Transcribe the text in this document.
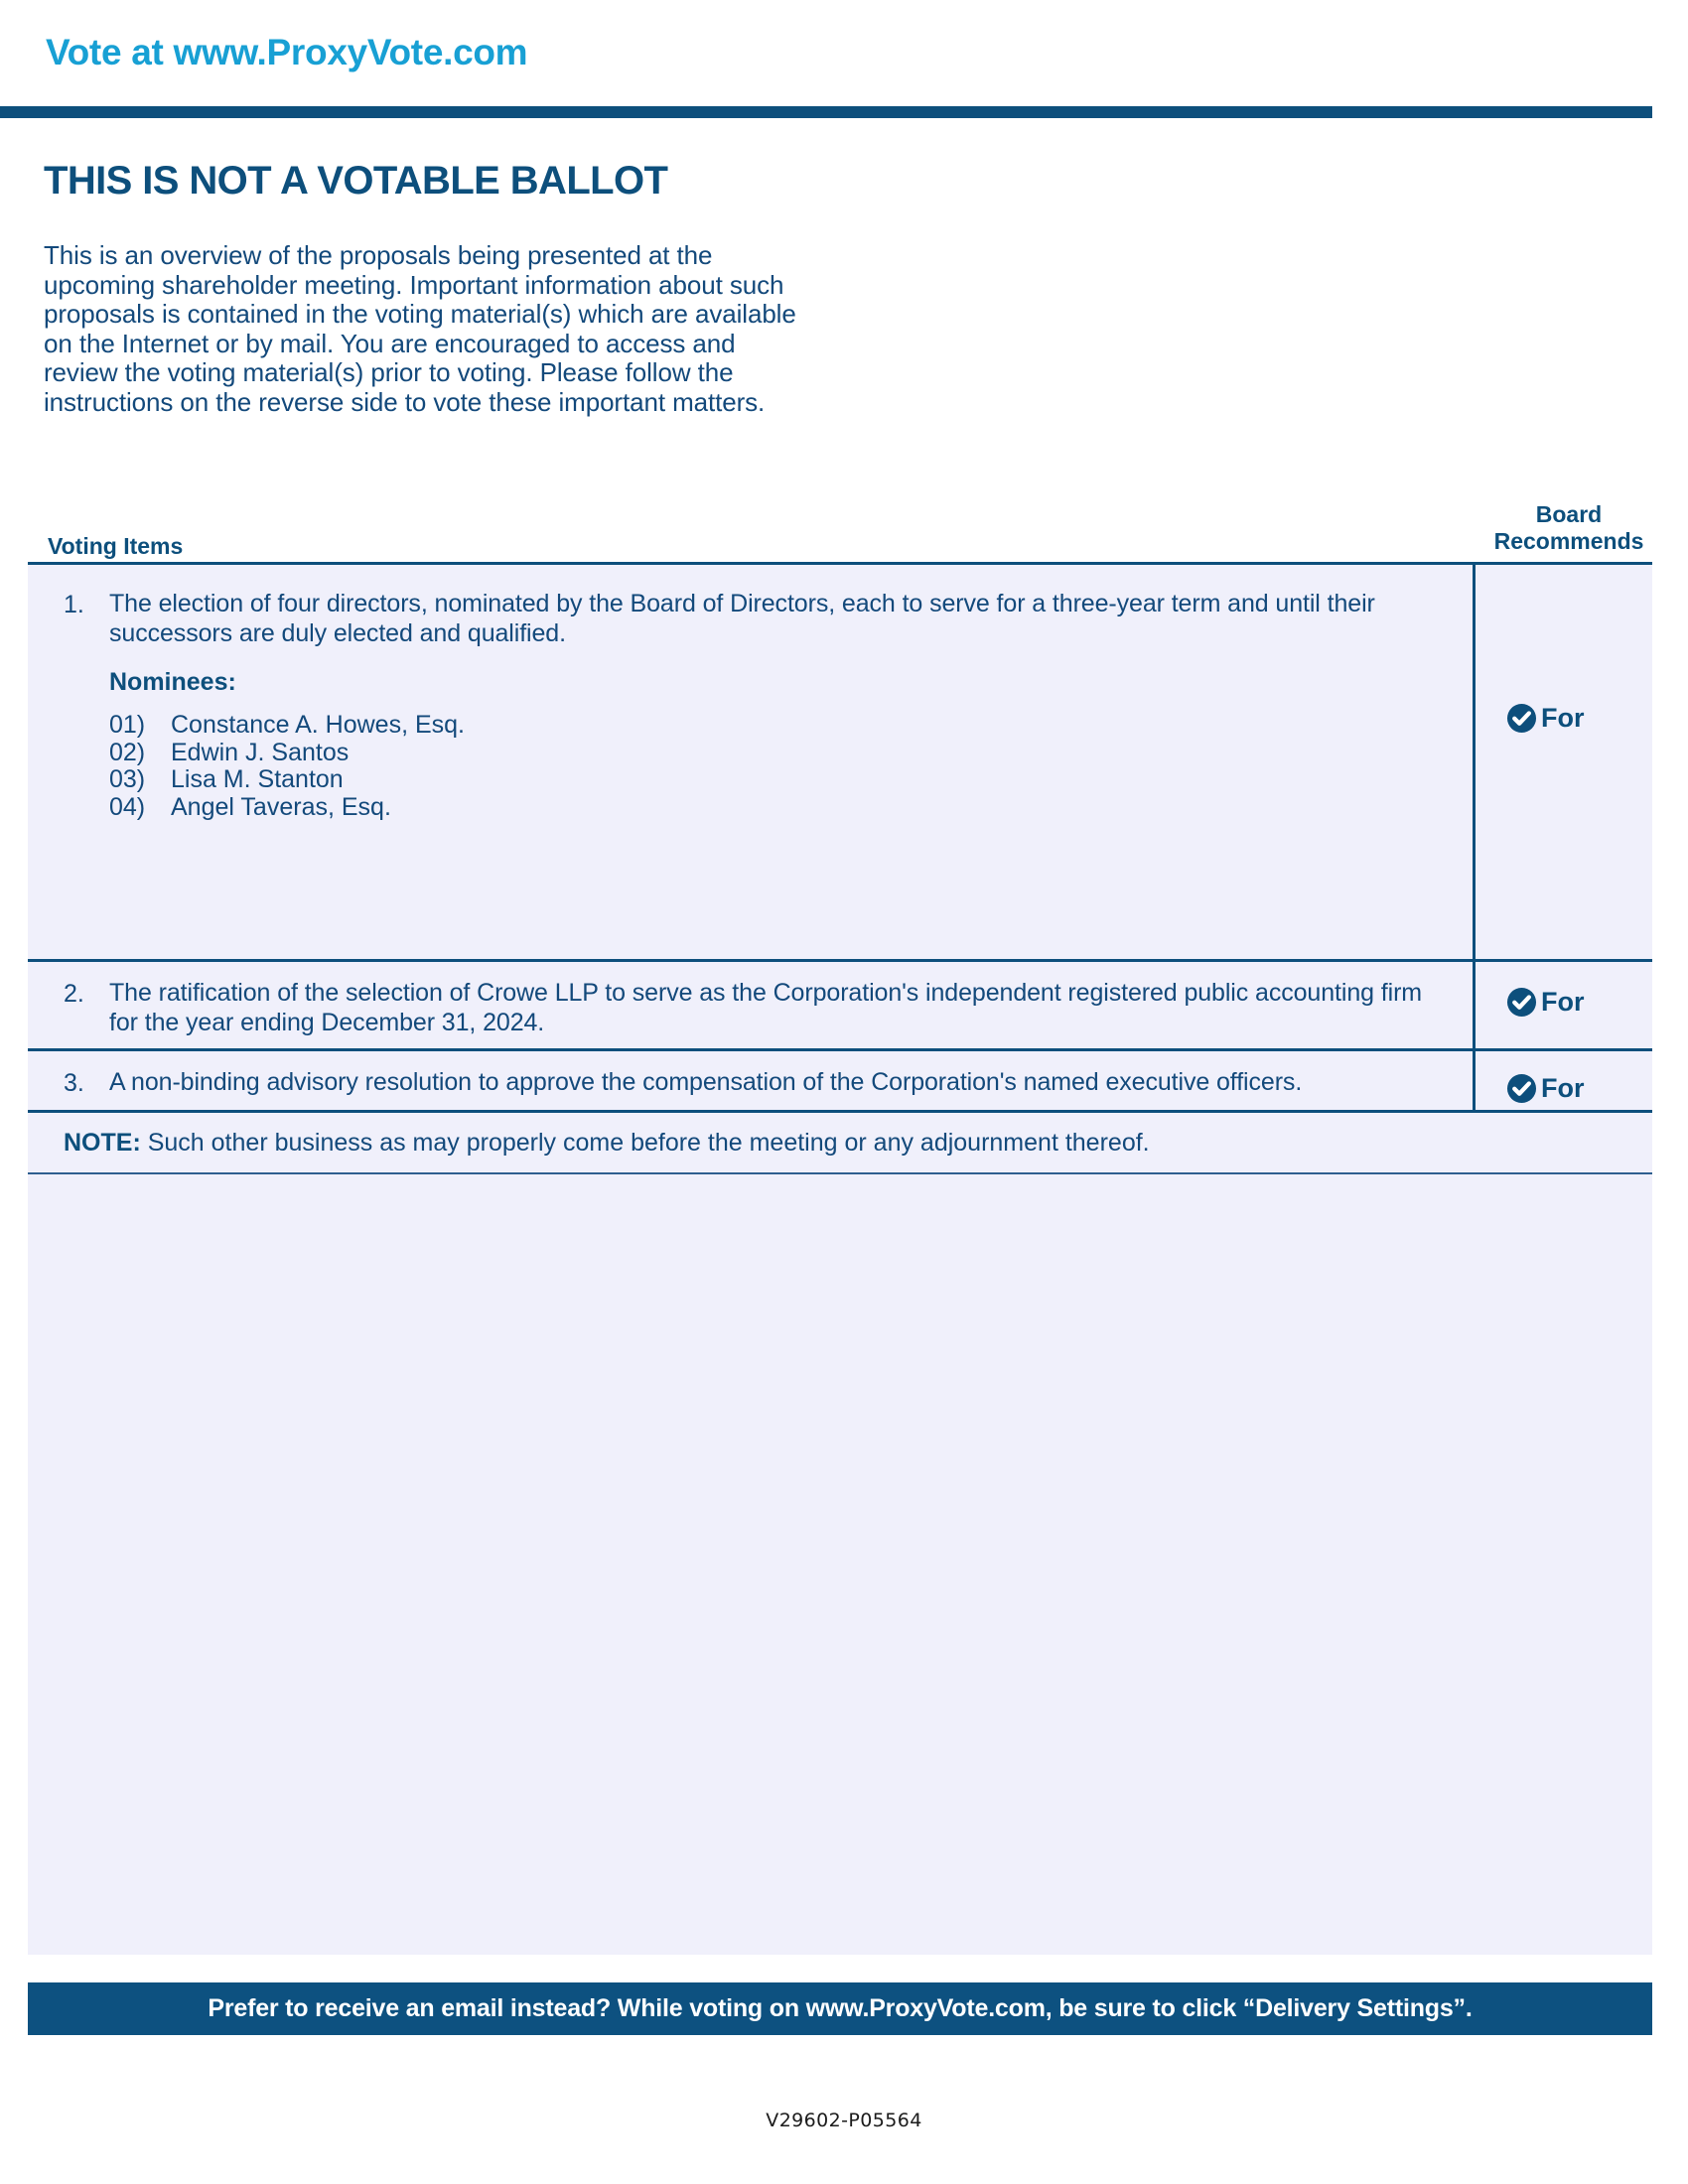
Vote at www.ProxyVote.com
THIS IS NOT A VOTABLE BALLOT
This is an overview of the proposals being presented at the upcoming shareholder meeting. Important information about such proposals is contained in the voting material(s) which are available on the Internet or by mail. You are encouraged to access and review the voting material(s) prior to voting. Please follow the instructions on the reverse side to vote these important matters.
Voting Items
Board
Recommends
1. The election of four directors, nominated by the Board of Directors, each to serve for a three-year term and until their successors are duly elected and qualified.
Nominees:
01) Constance A. Howes, Esq.
02) Edwin J. Santos
03) Lisa M. Stanton
04) Angel Taveras, Esq.
For
2. The ratification of the selection of Crowe LLP to serve as the Corporation's independent registered public accounting firm for the year ending December 31, 2024.
For
3. A non-binding advisory resolution to approve the compensation of the Corporation's named executive officers.	For
NOTE: Such other business as may properly come before the meeting or any adjournment thereof.
Prefer to receive an email instead? While voting on www.ProxyVote.com, be sure to click “Delivery Settings”.
V29602-P05564
